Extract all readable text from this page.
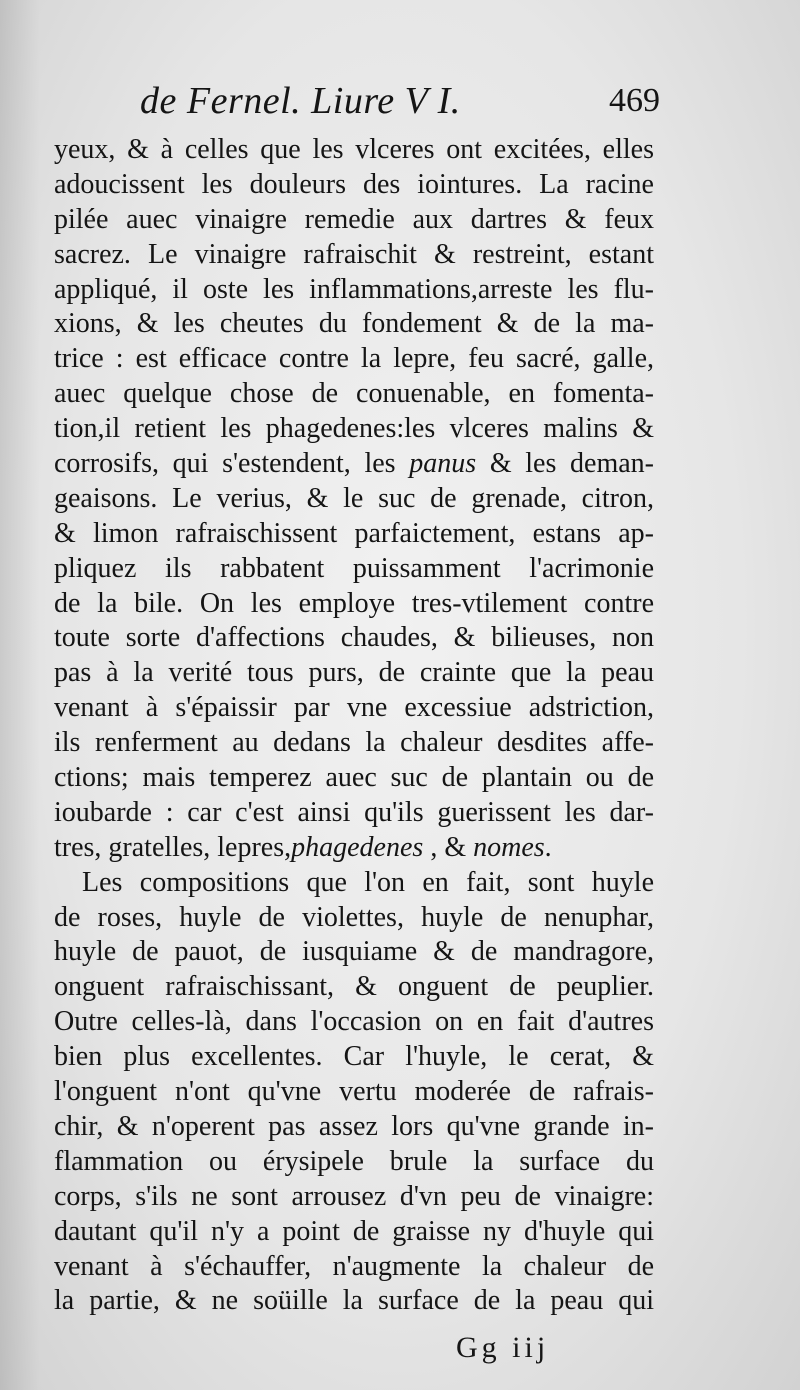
de Fernel. Liure V I.	469
yeux, & à celles que les vlceres ont excitées, elles
adoucissent les douleurs des iointures. La racine
pilée auec vinaigre remedie aux dartres & feux
sacrez. Le vinaigre rafraischit & restreint, estant
appliqué, il oste les inflammations,arreste les flu-
xions, & les cheutes du fondement & de la ma-
trice : est efficace contre la lepre, feu sacré, galle,
auec quelque chose de conuenable, en fomenta-
tion,il retient les phagedenes:les vlceres malins &
corrosifs, qui s'estendent, les panus & les deman-
geaisons. Le verius, & le suc de grenade, citron,
& limon rafraischissent parfaictement, estans ap-
pliquez ils rabbatent puissamment l'acrimonie
de la bile. On les employe tres-vtilement contre
toute sorte d'affections chaudes, & bilieuses, non
pas à la verité tous purs, de crainte que la peau
venant à s'épaissir par vne excessiue adstriction,
ils renferment au dedans la chaleur desdites affe-
ctions; mais temperez auec suc de plantain ou de
ioubarde : car c'est ainsi qu'ils guerissent les dar-
tres, gratelles, lepres,phagedenes , & nomes.
Les compositions que l'on en fait, sont huyle
de roses, huyle de violettes, huyle de nenuphar,
huyle de pauot, de iusquiame & de mandragore,
onguent rafraischissant, & onguent de peuplier.
Outre celles-là, dans l'occasion on en fait d'autres
bien plus excellentes. Car l'huyle, le cerat, &
l'onguent n'ont qu'vne vertu moderée de rafrais-
chir, & n'operent pas assez lors qu'vne grande in-
flammation ou érysipele brule la surface du
corps, s'ils ne sont arrousez d'vn peu de vinaigre:
dautant qu'il n'y a point de graisse ny d'huyle qui
venant à s'échauffer, n'augmente la chaleur de
la partie, & ne soüille la surface de la peau qui
Gg iij
